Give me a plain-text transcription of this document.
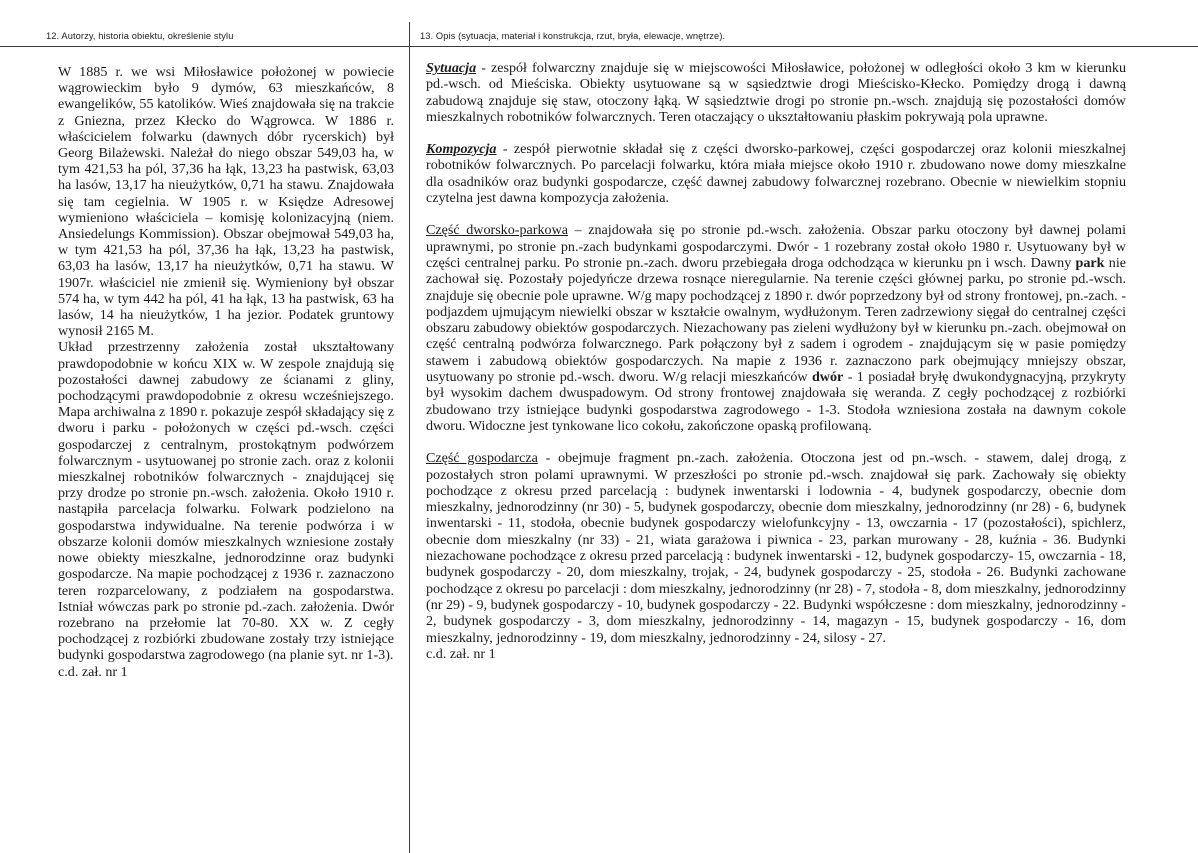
12. Autorzy, historia obiektu, określenie stylu	13. Opis (sytuacja, materiał i konstrukcja, rzut, bryła, elewacje, wnętrze).

W 1885 r. we wsi Miłosławice położonej w powiecie wągrowieckim było 9 dymów, 63 mieszkańców, 8 ewangelików, 55 katolików. Wieś znajdowała się na trakcie z Gniezna, przez Kłecko do Wągrowca. W 1886 r. właścicielem folwarku (dawnych dóbr rycerskich) był Georg Bilażewski. Należał do niego obszar 549,03 ha, w tym 421,53 ha pól, 37,36 ha łąk, 13,23 ha pastwisk, 63,03 ha lasów, 13,17 ha nieużytków, 0,71 ha stawu. Znajdowała się tam cegielnia. W 1905 r. w Księdze Adresowej wymieniono właściciela – komisję kolonizacyjną (niem. Ansiedelungs Kommission). Obszar obejmował 549,03 ha, w tym 421,53 ha pól, 37,36 ha łąk, 13,23 ha pastwisk, 63,03 ha lasów, 13,17 ha nieużytków, 0,71 ha stawu. W 1907r. właściciel nie zmienił się. Wymieniony był obszar 574 ha, w tym 442 ha pól, 41 ha łąk, 13 ha pastwisk, 63 ha lasów, 14 ha nieużytków, 1 ha jezior. Podatek gruntowy wynosił 2165 M.

Układ przestrzenny założenia został ukształtowany prawdopodobnie w końcu XIX w. W zespole znajdują się pozostałości dawnej zabudowy ze ścianami z gliny, pochodzącymi prawdopodobnie z okresu wcześniejszego. Mapa archiwalna z 1890 r. pokazuje zespół składający się z dworu i parku - położonych w części pd.-wsch. części gospodarczej z centralnym, prostokątnym podwórzem folwarcznym - usytuowanej po stronie zach. oraz z kolonii mieszkalnej robotników folwarcznych - znajdującej się przy drodze po stronie pn.-wsch. założenia. Około 1910 r. nastąpiła parcelacja folwarku. Folwark podzielono na gospodarstwa indywidualne. Na terenie podwórza i w obszarze kolonii domów mieszkalnych wzniesione zostały nowe obiekty mieszkalne, jednorodzinne oraz budynki gospodarcze. Na mapie pochodzącej z 1936 r. zaznaczono teren rozparcelowany, z podziałem na gospodarstwa. Istniał wówczas park po stronie pd.-zach. założenia. Dwór rozebrano na przełomie lat 70-80. XX w. Z cegły pochodzącej z rozbiórki zbudowane zostały trzy istniejące budynki gospodarstwa zagrodowego (na planie syt. nr 1-3).

c.d. zał. nr 1

Sytuacja - zespół folwarczny znajduje się w miejscowości Miłosławice, położonej w odległości około 3 km w kierunku pd.-wsch. od Mieściska. Obiekty usytuowane są w sąsiedztwie drogi Mieścisko-Kłecko. Pomiędzy drogą i dawną zabudową znajduje się staw, otoczony łąką. W sąsiedztwie drogi po stronie pn.-wsch. znajdują się pozostałości domów mieszkalnych robotników folwarcznych. Teren otaczający o ukształtowaniu płaskim pokrywają pola uprawne.

Kompozycja - zespół pierwotnie składał się z części dworsko-parkowej, części gospodarczej oraz kolonii mieszkalnej robotników folwarcznych. Po parcelacji folwarku, która miała miejsce około 1910 r. zbudowano nowe domy mieszkalne dla osadników oraz budynki gospodarcze, część dawnej zabudowy folwarcznej rozebrano. Obecnie w niewielkim stopniu czytelna jest dawna kompozycja założenia.

Część dworsko-parkowa – znajdowała się po stronie pd.-wsch. założenia. Obszar parku otoczony był dawnej polami uprawnymi, po stronie pn.-zach budynkami gospodarczymi. Dwór - 1 rozebrany został około 1980 r. Usytuowany był w części centralnej parku. Po stronie pn.-zach. dworu przebiegała droga odchodząca w kierunku pn i wsch. Dawny park nie zachował się. Pozostały pojedyńcze drzewa rosnące nieregularnie. Na terenie części głównej parku, po stronie pd.-wsch. znajduje się obecnie pole uprawne. W/g mapy pochodzącej z 1890 r. dwór poprzedzony był od strony frontowej, pn.-zach. - podjazdem ujmującym niewielki obszar w kształcie owalnym, wydłużonym. Teren zadrzewiony sięgał do centralnej części obszaru zabudowy obiektów gospodarczych. Niezachowany pas zieleni wydłużony był w kierunku pn.-zach. obejmował on część centralną podwórza folwarcznego. Park połączony był z sadem i ogrodem - znajdującym się w pasie pomiędzy stawem i zabudową obiektów gospodarczych. Na mapie z 1936 r. zaznaczono park obejmujący mniejszy obszar, usytuowany po stronie pd.-wsch. dworu. W/g relacji mieszkańców dwór - 1 posiadał bryłę dwukondygnacyjną, przykryty był wysokim dachem dwuspadowym. Od strony frontowej znajdowała się weranda. Z cegły pochodzącej z rozbiórki zbudowano trzy istniejące budynki gospodarstwa zagrodowego - 1-3. Stodoła wzniesiona została na dawnym cokole dworu. Widoczne jest tynkowane lico cokołu, zakończone opaską profilowaną.

Część gospodarcza - obejmuje fragment pn.-zach. założenia. Otoczona jest od pn.-wsch. - stawem, dalej drogą, z pozostałych stron polami uprawnymi. W przeszłości po stronie pd.-wsch. znajdował się park. Zachowały się obiekty pochodzące z okresu przed parcelacją : budynek inwentarski i lodownia - 4, budynek gospodarczy, obecnie dom mieszkalny, jednorodzinny (nr 30) - 5, budynek gospodarczy, obecnie dom mieszkalny, jednorodzinny (nr 28) - 6, budynek inwentarski - 11, stodoła, obecnie budynek gospodarczy wielofunkcyjny - 13, owczarnia - 17 (pozostałości), spichlerz, obecnie dom mieszkalny (nr 33) - 21, wiata garażowa i piwnica - 23, parkan murowany - 28, kuźnia - 36. Budynki niezachowane pochodzące z okresu przed parcelacją : budynek inwentarski - 12, budynek gospodarczy- 15, owczarnia - 18, budynek gospodarczy - 20, dom mieszkalny, trojak, - 24, budynek gospodarczy - 25, stodoła - 26. Budynki zachowane pochodzące z okresu po parcelacji : dom mieszkalny, jednorodzinny (nr 28) - 7, stodoła - 8, dom mieszkalny, jednorodzinny (nr 29) - 9, budynek gospodarczy - 10, budynek gospodarczy - 22. Budynki współczesne : dom mieszkalny, jednorodzinny - 2, budynek gospodarczy - 3, dom mieszkalny, jednorodzinny - 14, magazyn - 15, budynek gospodarczy - 16, dom mieszkalny, jednorodzinny - 19, dom mieszkalny, jednorodzinny - 24, silosy - 27.

c.d. zał. nr 1
